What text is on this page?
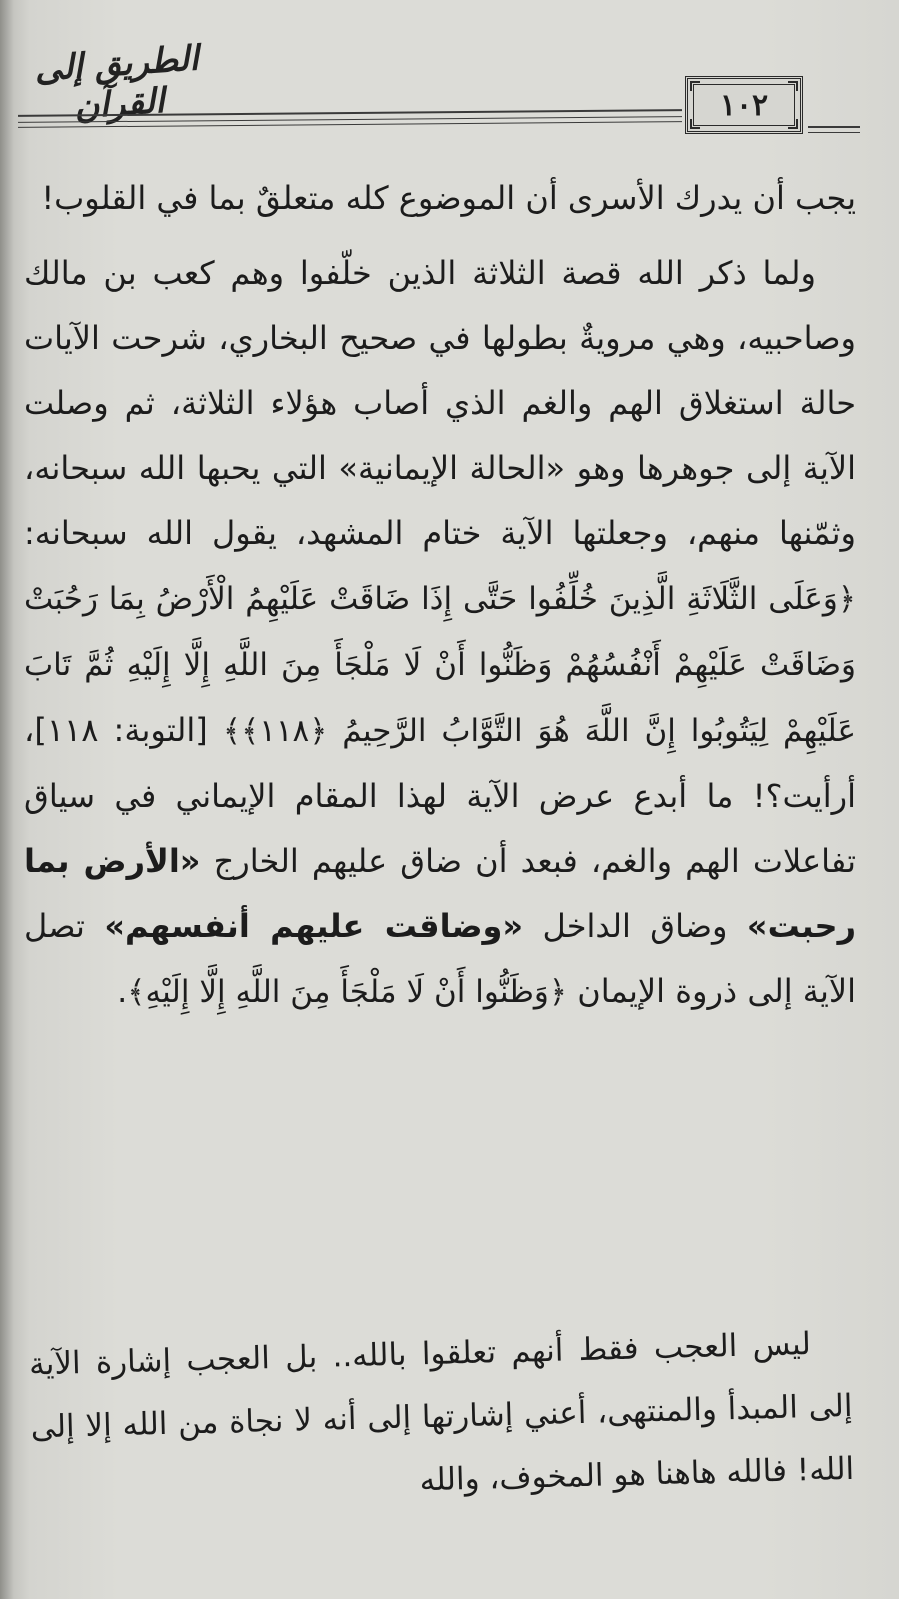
الطريق إلى القرآن	١٠٢

يجب أن يدرك الأسرى أن الموضوع كله متعلقٌ بما في القلوب!

ولما ذكر الله قصة الثلاثة الذين خلّفوا وهم كعب بن مالك وصاحبيه، وهي مرويةٌ بطولها في صحيح البخاري، شرحت الآيات حالة استغلاق الهم والغم الذي أصاب هؤلاء الثلاثة، ثم وصلت الآية إلى جوهرها وهو «الحالة الإيمانية» التي يحبها الله سبحانه، وثمّنها منهم، وجعلتها الآية ختام المشهد، يقول الله سبحانه: ﴿وَعَلَى الثَّلَاثَةِ الَّذِينَ خُلِّفُوا حَتَّى إِذَا ضَاقَتْ عَلَيْهِمُ الْأَرْضُ بِمَا رَحُبَتْ وَضَاقَتْ عَلَيْهِمْ أَنْفُسُهُمْ وَظَنُّوا أَنْ لَا مَلْجَأَ مِنَ اللَّهِ إِلَّا إِلَيْهِ ثُمَّ تَابَ عَلَيْهِمْ لِيَتُوبُوا إِنَّ اللَّهَ هُوَ التَّوَّابُ الرَّحِيمُ ﴿١١٨﴾﴾ [التوبة: ١١٨]، أرأيت؟! ما أبدع عرض الآية لهذا المقام الإيماني في سياق تفاعلات الهم والغم، فبعد أن ضاق عليهم الخارج «الأرض بما رحبت» وضاق الداخل «وضاقت عليهم أنفسهم» تصل الآية إلى ذروة الإيمان ﴿وَظَنُّوا أَنْ لَا مَلْجَأَ مِنَ اللَّهِ إِلَّا إِلَيْهِ﴾.

ليس العجب فقط أنهم تعلقوا بالله.. بل العجب إشارة الآية إلى المبدأ والمنتهى، أعني إشارتها إلى أنه لا نجاة من الله إلا إلى الله! فالله هاهنا هو المخوف، والله
